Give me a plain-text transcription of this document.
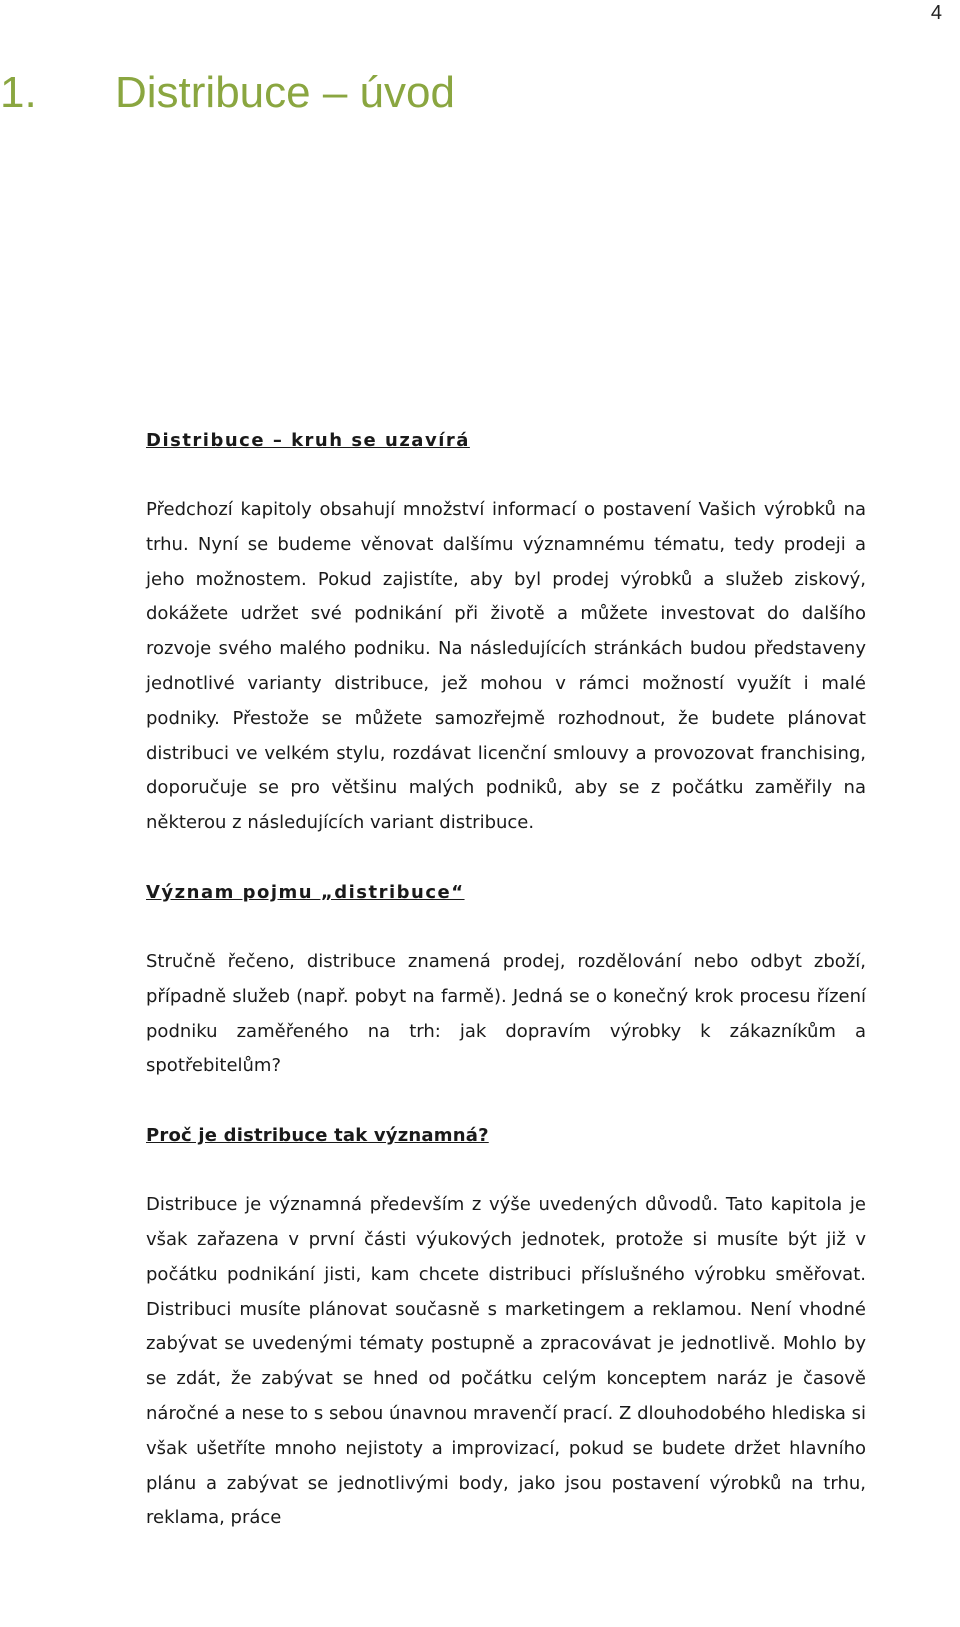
4
1. Distribuce – úvod
Distribuce – kruh se uzavírá

Předchozí kapitoly obsahují množství informací o postavení Vašich výrobků na trhu. Nyní se budeme věnovat dalšímu významnému tématu, tedy prodeji a jeho možnostem. Pokud zajistíte, aby byl prodej výrobků a služeb ziskový, dokážete udržet své podnikání při životě a můžete investovat do dalšího rozvoje svého malého podniku. Na následujících stránkách budou představeny jednotlivé varianty distribuce, jež mohou v rámci možností využít i malé podniky. Přestože se můžete samozřejmě rozhodnout, že budete plánovat distribuci ve velkém stylu, rozdávat licenční smlouvy a provozovat franchising, doporučuje se pro většinu malých podniků, aby se z počátku zaměřily na některou z následujících variant distribuce.

Význam pojmu „distribuce“

Stručně řečeno, distribuce znamená prodej, rozdělování nebo odbyt zboží, případně služeb (např. pobyt na farmě). Jedná se o konečný krok procesu řízení podniku zaměřeného na trh: jak dopravím výrobky k zákazníkům a spotřebitelům?

Proč je distribuce tak významná?

Distribuce je významná především z výše uvedených důvodů. Tato kapitola je však zařazena v první části výukových jednotek, protože si musíte být již v počátku podnikání jisti, kam chcete distribuci příslušného výrobku směřovat. Distribuci musíte plánovat současně s marketingem a reklamou. Není vhodné zabývat se uvedenými tématy postupně a zpracovávat je jednotlivě. Mohlo by se zdát, že zabývat se hned od počátku celým konceptem naráz je časově náročné a nese to s sebou únavnou mravenčí prací. Z dlouhodobého hlediska si však ušetříte mnoho nejistoty a improvizací, pokud se budete držet hlavního plánu a zabývat se jednotlivými body, jako jsou postavení výrobků na trhu, reklama, práce
